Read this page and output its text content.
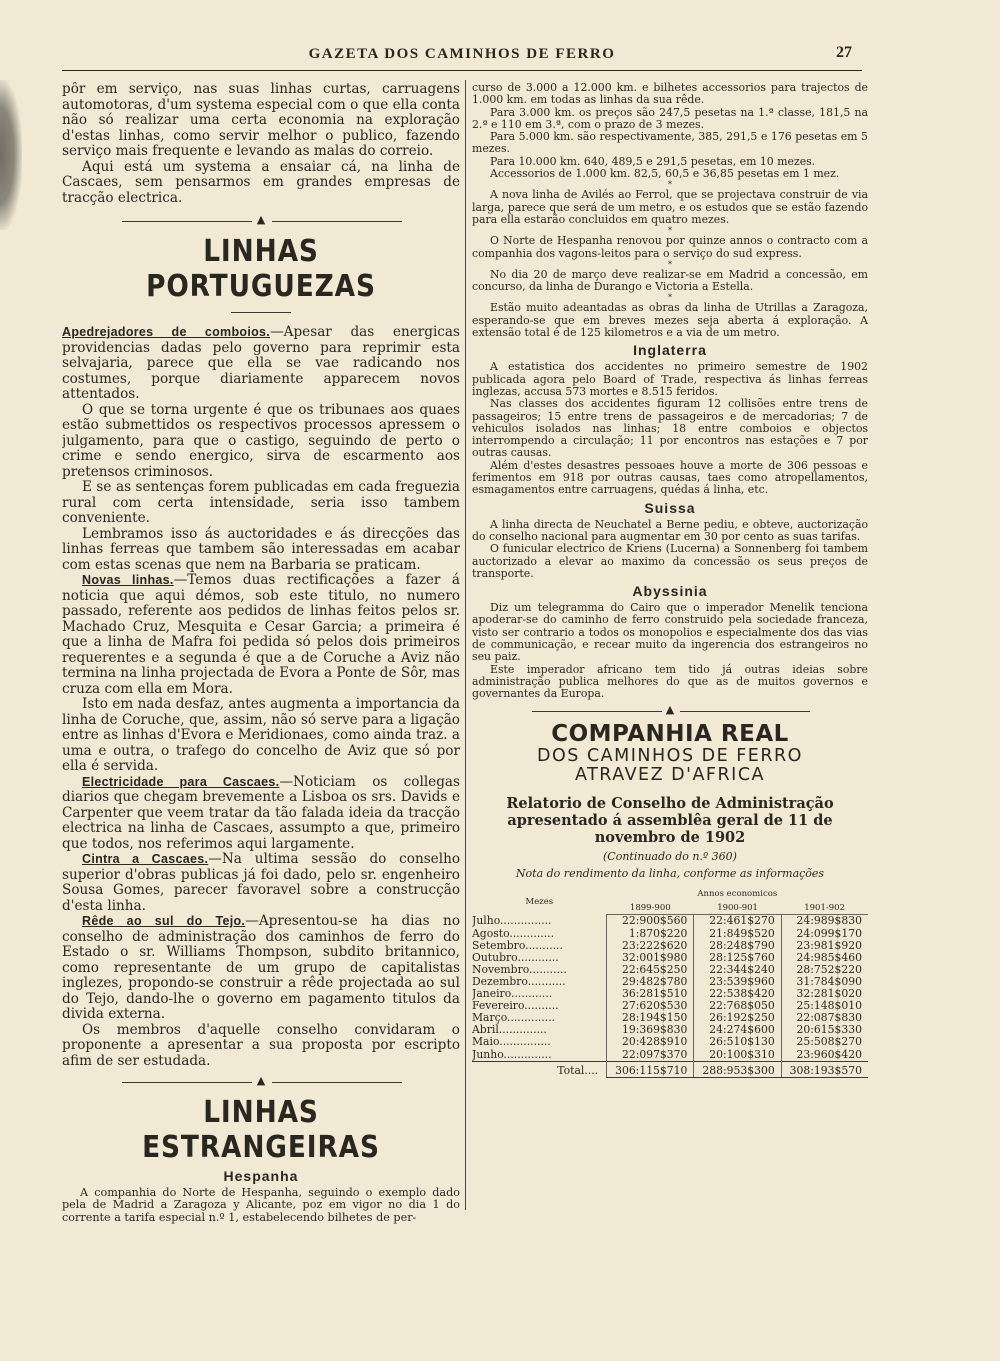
GAZETA DOS CAMINHOS DE FERRO	27

pôr em serviço, nas suas linhas curtas, carruagens automotoras, d'um systema especial com o que ella conta não só realizar uma certa economia na exploração d'estas linhas, como servir melhor o publico, fazendo serviço mais frequente e levando as malas do correio.

Aqui está um systema a ensaiar cá, na linha de Cascaes, sem pensarmos em grandes empresas de tracção electrica.

▲
LINHAS PORTUGUEZAS

Apedrejadores de comboios.—Apesar das energicas providencias dadas pelo governo para reprimir esta selvajaria, parece que ella se vae radicando nos costumes, porque diariamente apparecem novos attentados.

O que se torna urgente é que os tribunaes aos quaes estão submettidos os respectivos processos apressem o julgamento, para que o castigo, seguindo de perto o crime e sendo energico, sirva de escarmento aos pretensos criminosos.

E se as sentenças forem publicadas em cada freguezia rural com certa intensidade, seria isso tambem conveniente.

Lembramos isso ás auctoridades e ás direcções das linhas ferreas que tambem são interessadas em acabar com estas scenas que nem na Barbaria se praticam.

Novas linhas.—Temos duas rectificações a fazer á noticia que aqui démos, sob este titulo, no numero passado, referente aos pedidos de linhas feitos pelos sr. Machado Cruz, Mesquita e Cesar Garcia; a primeira é que a linha de Mafra foi pedida só pelos dois primeiros requerentes e a segunda é que a de Coruche a Aviz não termina na linha projectada de Evora a Ponte de Sôr, mas cruza com ella em Mora.

Isto em nada desfaz, antes augmenta a importancia da linha de Coruche, que, assim, não só serve para a ligação entre as linhas d'Evora e Meridionaes, como ainda traz. a uma e outra, o trafego do concelho de Aviz que só por ella é servida.

Electricidade para Cascaes.—Noticiam os collegas diarios que chegam brevemente a Lisboa os srs. Davids e Carpenter que veem tratar da tão falada ideia da tracção electrica na linha de Cascaes, assumpto a que, primeiro que todos, nos referimos aqui largamente.

Cintra a Cascaes.—Na ultima sessão do conselho superior d'obras publicas já foi dado, pelo sr. engenheiro Sousa Gomes, parecer favoravel sobre a construcção d'esta linha.

Rêde ao sul do Tejo.—Apresentou-se ha dias no conselho de administração dos caminhos de ferro do Estado o sr. Williams Thompson, subdito britannico, como representante de um grupo de capitalistas inglezes, propondo-se construir a rêde projectada ao sul do Tejo, dando-lhe o governo em pagamento titulos da divida externa.

Os membros d'aquelle conselho convidaram o proponente a apresentar a sua proposta por escripto afim de ser estudada.

▲
LINHAS ESTRANGEIRAS
Hespanha

A companhia do Norte de Hespanha, seguindo o exemplo dado pela de Madrid a Zaragoza y Alicante, poz em vigor no dia 1 do corrente a tarifa especial n.º 1, estabelecendo bilhetes de per-

curso de 3.000 a 12.000 km. e bilhetes accessorios para trajectos de 1.000 km. em todas as linhas da sua rêde.

Para 3.000 km. os preços são 247,5 pesetas na 1.ª classe, 181,5 na 2.ª e 110 em 3.ª, com o prazo de 3 mezes.

Para 5.000 km. são respectivamente, 385, 291,5 e 176 pesetas em 5 mezes.

Para 10.000 km. 640, 489,5 e 291,5 pesetas, em 10 mezes.

Accessorios de 1.000 km. 82,5, 60,5 e 36,85 pesetas em 1 mez.

*

A nova linha de Avilés ao Ferrol, que se projectava construir de via larga, parece que será de um metro, e os estudos que se estão fazendo para ella estarão concluidos em quatro mezes.

*

O Norte de Hespanha renovou por quinze annos o contracto com a companhia dos vagons-leitos para o serviço do sud express.

*

No dia 20 de março deve realizar-se em Madrid a concessão, em concurso, da linha de Durango e Victoria a Estella.

*

Estão muito adeantadas as obras da linha de Utrillas a Zaragoza, esperando-se que em breves mezes seja aberta á exploração. A extensão total é de 125 kilometros e a via de um metro.

Inglaterra

A estatistica dos accidentes no primeiro semestre de 1902 publicada agora pelo Board of Trade, respectiva ás linhas ferreas inglezas, accusa 573 mortes e 8.515 feridos.

Nas classes dos accidentes figuram 12 collisões entre trens de passageiros; 15 entre trens de passageiros e de mercadorias; 7 de vehiculos isolados nas linhas; 18 entre comboios e objectos interrompendo a circulação; 11 por encontros nas estações e 7 por outras causas.

Além d'estes desastres pessoaes houve a morte de 306 pessoas e ferimentos em 918 por outras causas, taes como atropellamentos, esmagamentos entre carruagens, quédas á linha, etc.

Suissa

A linha directa de Neuchatel a Berne pediu, e obteve, auctorização do conselho nacional para augmentar em 30 por cento as suas tarifas.

O funicular electrico de Kriens (Lucerna) a Sonnenberg foi tambem auctorizado a elevar ao maximo da concessão os seus preços de transporte.

Abyssinia

Diz um telegramma do Cairo que o imperador Menelik tenciona apoderar-se do caminho de ferro construido pela sociedade franceza, visto ser contrario a todos os monopolios e especialmente dos das vias de communicação, e recear muito da ingerencia dos estrangeiros no seu paiz.

Este imperador africano tem tido já outras ideias sobre administração publica melhores do que as de muitos governos e governantes da Europa.

▲
COMPANHIA REAL
DOS CAMINHOS DE FERRO
ATRAVEZ D'AFRICA
Relatorio de Conselho de Administração apresentado á assemblêa geral de 11 de novembro de 1902
(Continuado do n.º 360)
Nota do rendimento da linha, conforme as informações
Mezes	Annos economicos		
	1899-900	1900-901	1901-902
Julho...............	22:900$560	22:461$270	24:989$830
Agosto.............	1:870$220	21:849$520	24:099$170
Setembro...........	23:222$620	28:248$790	23:981$920
Outubro............	32:001$980	28:125$760	24:985$460
Novembro...........	22:645$250	22:344$240	28:752$220
Dezembro...........	29:482$780	23:539$960	31:784$090
Janeiro............	36:281$510	22:538$420	32:281$020
Fevereiro..........	27:620$530	22:768$050	25:148$010
Março..............	28:194$150	26:192$250	22:087$830
Abril..............	19:369$830	24:274$600	20:615$330
Maio...............	20:428$910	26:510$130	25:508$270
Junho..............	22:097$370	20:100$310	23:960$420
Total....	306:115$710	288:953$300	308:193$570
